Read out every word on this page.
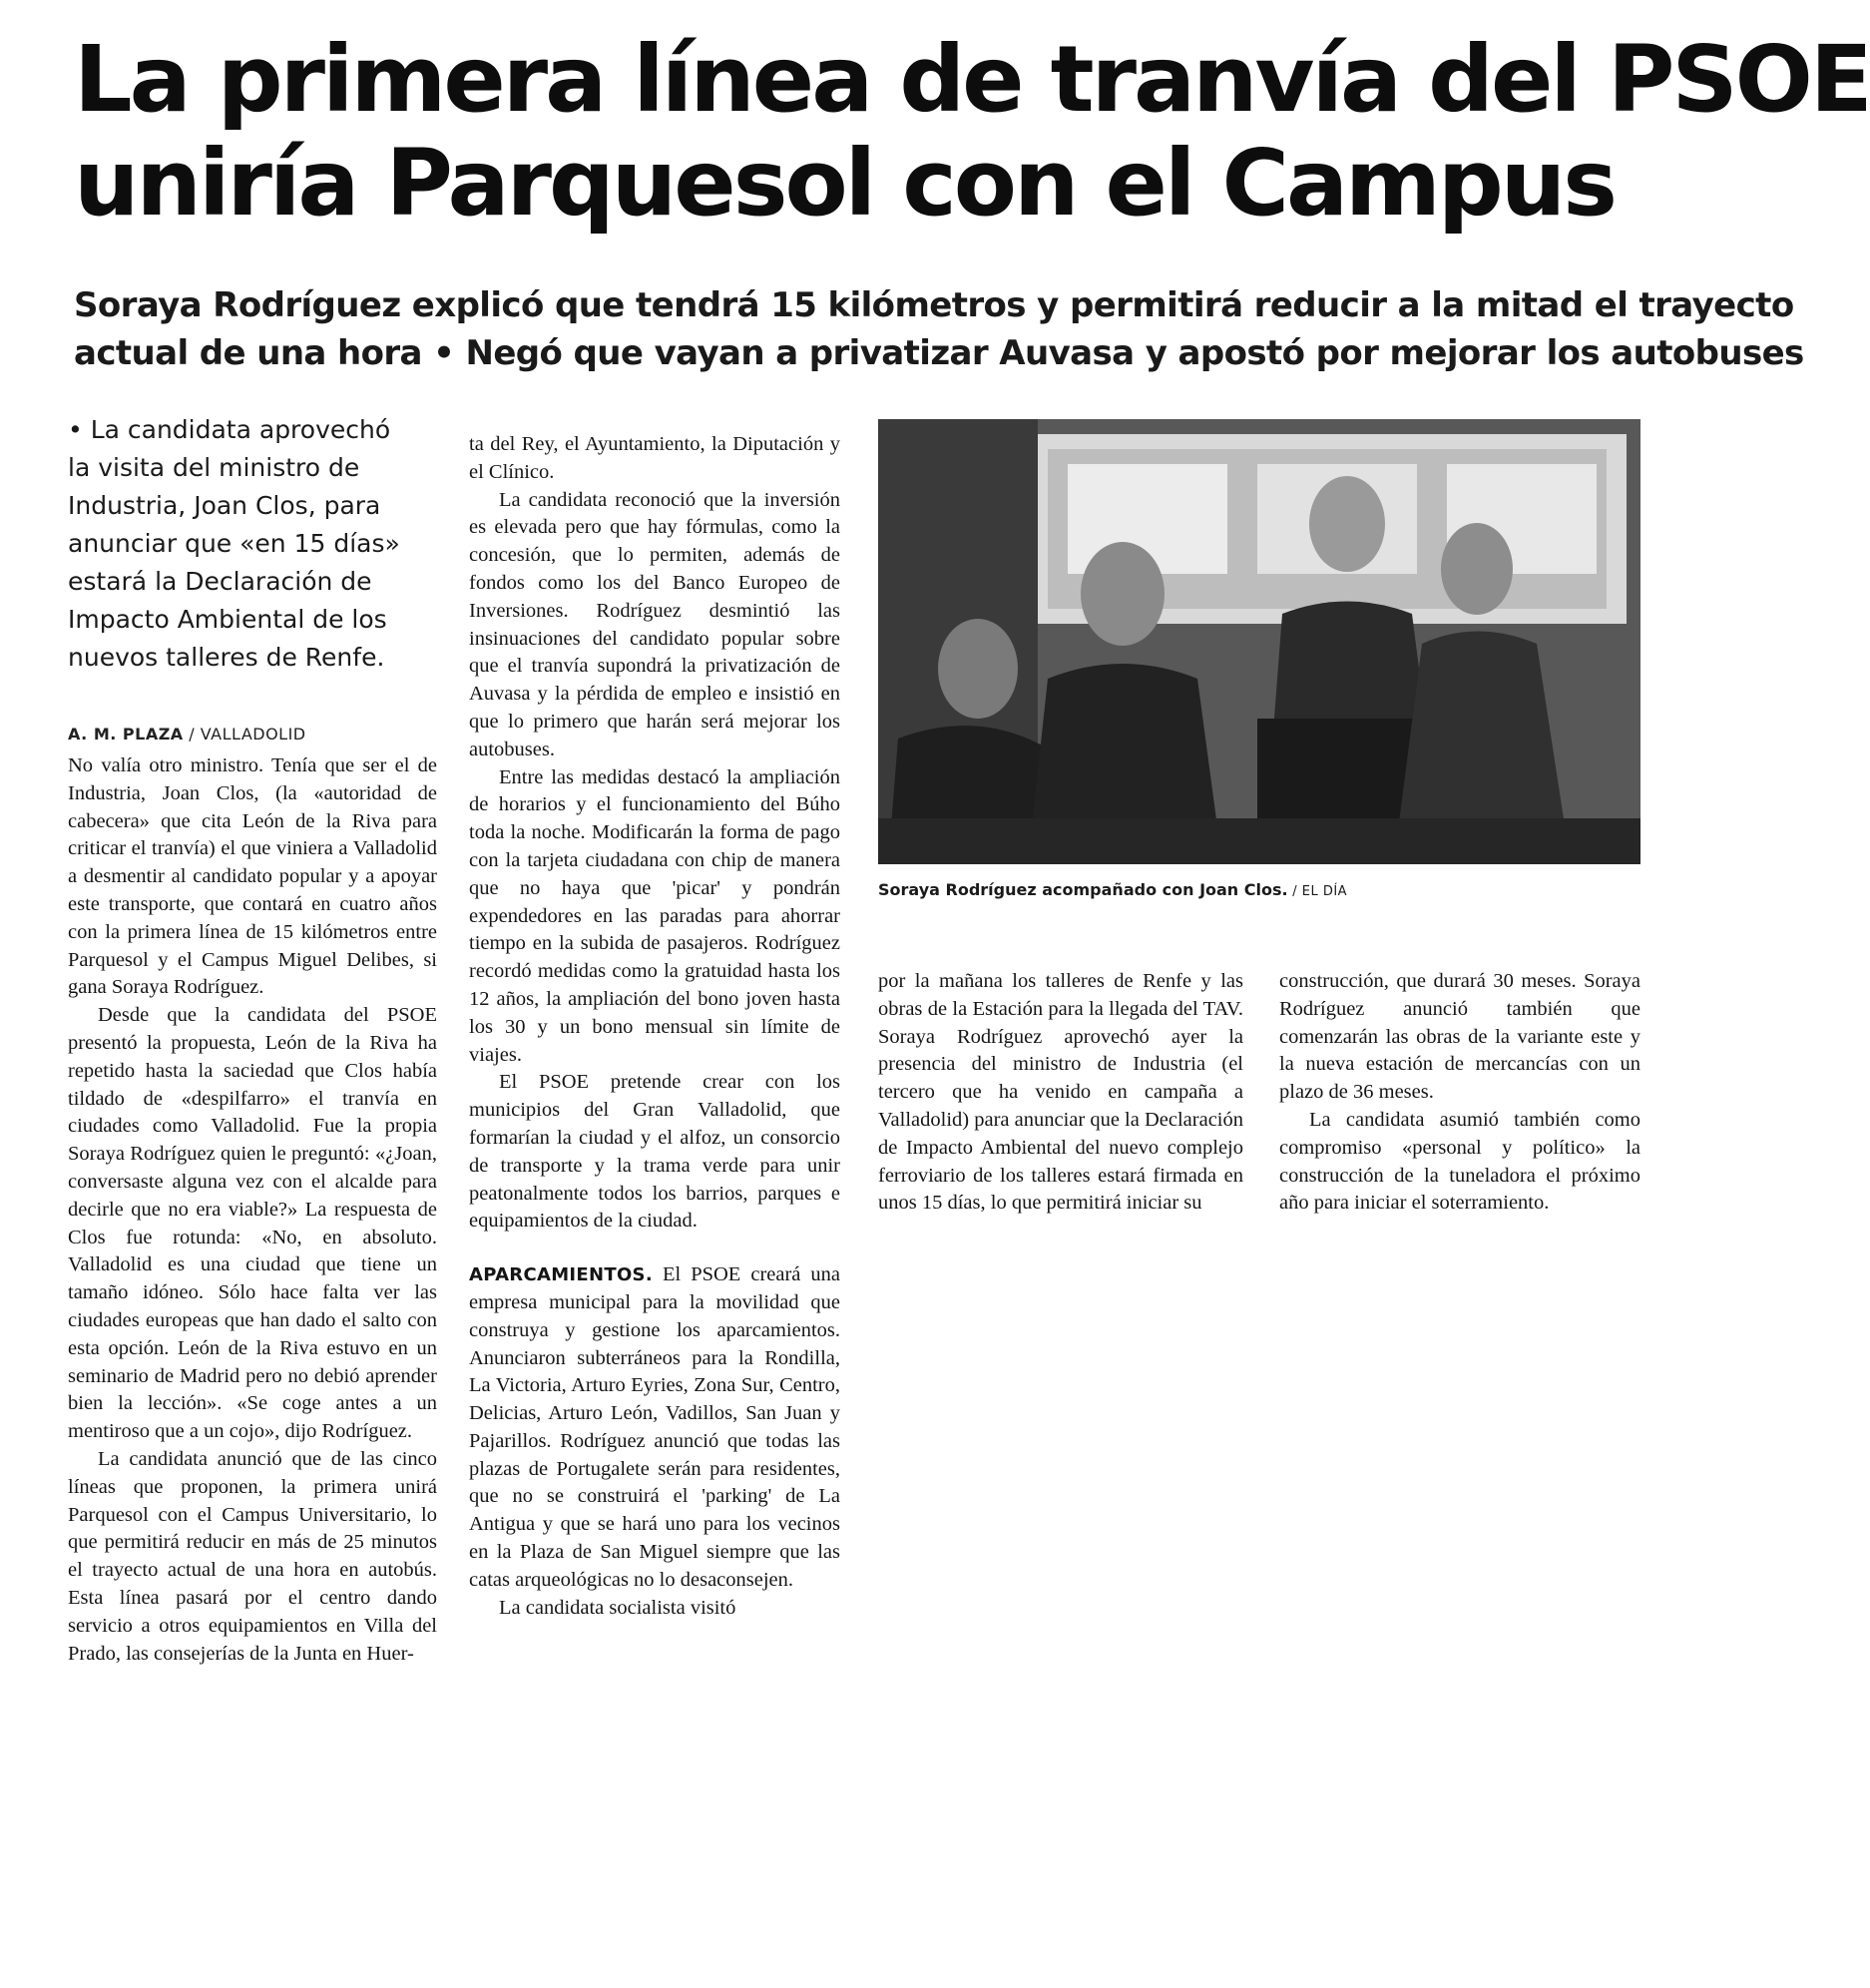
La primera línea de tranvía del PSOE
uniría Parquesol con el Campus
Soraya Rodríguez explicó que tendrá 15 kilómetros y permitirá reducir a la mitad el trayecto
actual de una hora • Negó que vayan a privatizar Auvasa y apostó por mejorar los autobuses
• La candidata aprovechó la visita del ministro de Industria, Joan Clos, para anunciar que «en 15 días» estará la Declaración de Impacto Ambiental de los nuevos talleres de Renfe.
A. M. PLAZA / VALLADOLID

No valía otro ministro. Tenía que ser el de Industria, Joan Clos, (la «autoridad de cabecera» que cita León de la Riva para criticar el tranvía) el que viniera a Valladolid a desmentir al candidato popular y a apoyar este transporte, que contará en cuatro años con la primera línea de 15 kilómetros entre Parquesol y el Campus Miguel Delibes, si gana Soraya Rodríguez.

Desde que la candidata del PSOE presentó la propuesta, León de la Riva ha repetido hasta la saciedad que Clos había tildado de «despilfarro» el tranvía en ciudades como Valladolid. Fue la propia Soraya Rodríguez quien le preguntó: «¿Joan, conversaste alguna vez con el alcalde para decirle que no era viable?» La respuesta de Clos fue rotunda: «No, en absoluto. Valladolid es una ciudad que tiene un tamaño idóneo. Sólo hace falta ver las ciudades europeas que han dado el salto con esta opción. León de la Riva estuvo en un seminario de Madrid pero no debió aprender bien la lección». «Se coge antes a un mentiroso que a un cojo», dijo Rodríguez.

La candidata anunció que de las cinco líneas que proponen, la primera unirá Parquesol con el Campus Universitario, lo que permitirá reducir en más de 25 minutos el trayecto actual de una hora en autobús. Esta línea pasará por el centro dando servicio a otros equipamientos en Villa del Prado, las consejerías de la Junta en Huer-

ta del Rey, el Ayuntamiento, la Diputación y el Clínico.

La candidata reconoció que la inversión es elevada pero que hay fórmulas, como la concesión, que lo permiten, además de fondos como los del Banco Europeo de Inversiones. Rodríguez desmintió las insinuaciones del candidato popular sobre que el tranvía supondrá la privatización de Auvasa y la pérdida de empleo e insistió en que lo primero que harán será mejorar los autobuses.

Entre las medidas destacó la ampliación de horarios y el funcionamiento del Búho toda la noche. Modificarán la forma de pago con la tarjeta ciudadana con chip de manera que no haya que 'picar' y pondrán expendedores en las paradas para ahorrar tiempo en la subida de pasajeros. Rodríguez recordó medidas como la gratuidad hasta los 12 años, la ampliación del bono joven hasta los 30 y un bono mensual sin límite de viajes.

El PSOE pretende crear con los municipios del Gran Valladolid, que formarían la ciudad y el alfoz, un consorcio de transporte y la trama verde para unir peatonalmente todos los barrios, parques e equipamientos de la ciudad.

APARCAMIENTOS. El PSOE creará una empresa municipal para la movilidad que construya y gestione los aparcamientos. Anunciaron subterráneos para la Rondilla, La Victoria, Arturo Eyries, Zona Sur, Centro, Delicias, Arturo León, Vadillos, San Juan y Pajarillos. Rodríguez anunció que todas las plazas de Portugalete serán para residentes, que no se construirá el 'parking' de La Antigua y que se hará uno para los vecinos en la Plaza de San Miguel siempre que las catas arqueológicas no lo desaconsejen.

La candidata socialista visitó

Soraya Rodríguez acompañado con Joan Clos. / EL DÍA

por la mañana los talleres de Renfe y las obras de la Estación para la llegada del TAV. Soraya Rodríguez aprovechó ayer la presencia del ministro de Industria (el tercero que ha venido en campaña a Valladolid) para anunciar que la Declaración de Impacto Ambiental del nuevo complejo ferroviario de los talleres estará firmada en unos 15 días, lo que permitirá iniciar su

construcción, que durará 30 meses. Soraya Rodríguez anunció también que comenzarán las obras de la variante este y la nueva estación de mercancías con un plazo de 36 meses.

La candidata asumió también como compromiso «personal y político» la construcción de la tuneladora el próximo año para iniciar el soterramiento.
